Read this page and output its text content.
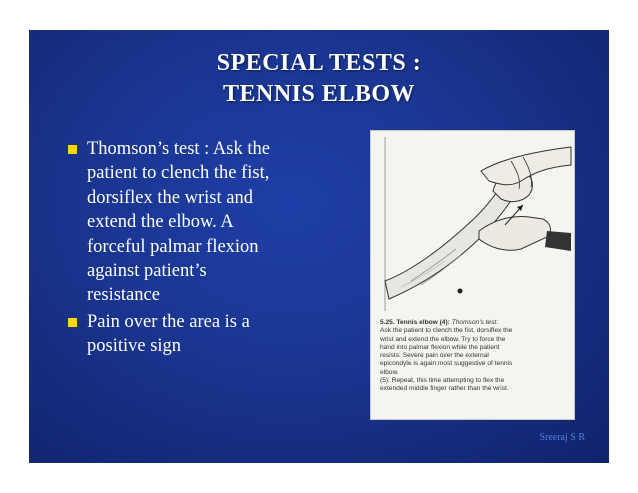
SPECIAL TESTS :
TENNIS ELBOW
Thomson’s test : Ask the
patient to clench the fist,
dorsiflex the wrist and
extend the elbow. A
forceful palmar flexion
against patient’s
resistance
Pain over the area is a
positive sign
5.25. Tennis elbow (4): Thomson's test:
Ask the patient to clench the fist, dorsiflex the
wrist and extend the elbow. Try to force the
hand into palmar flexion while the patient
resists. Severe pain over the external
epicondyle is again most suggestive of tennis
elbow.
(5): Repeat, this time attempting to flex the
extended middle finger rather than the wrist.
Sreeraj S R
